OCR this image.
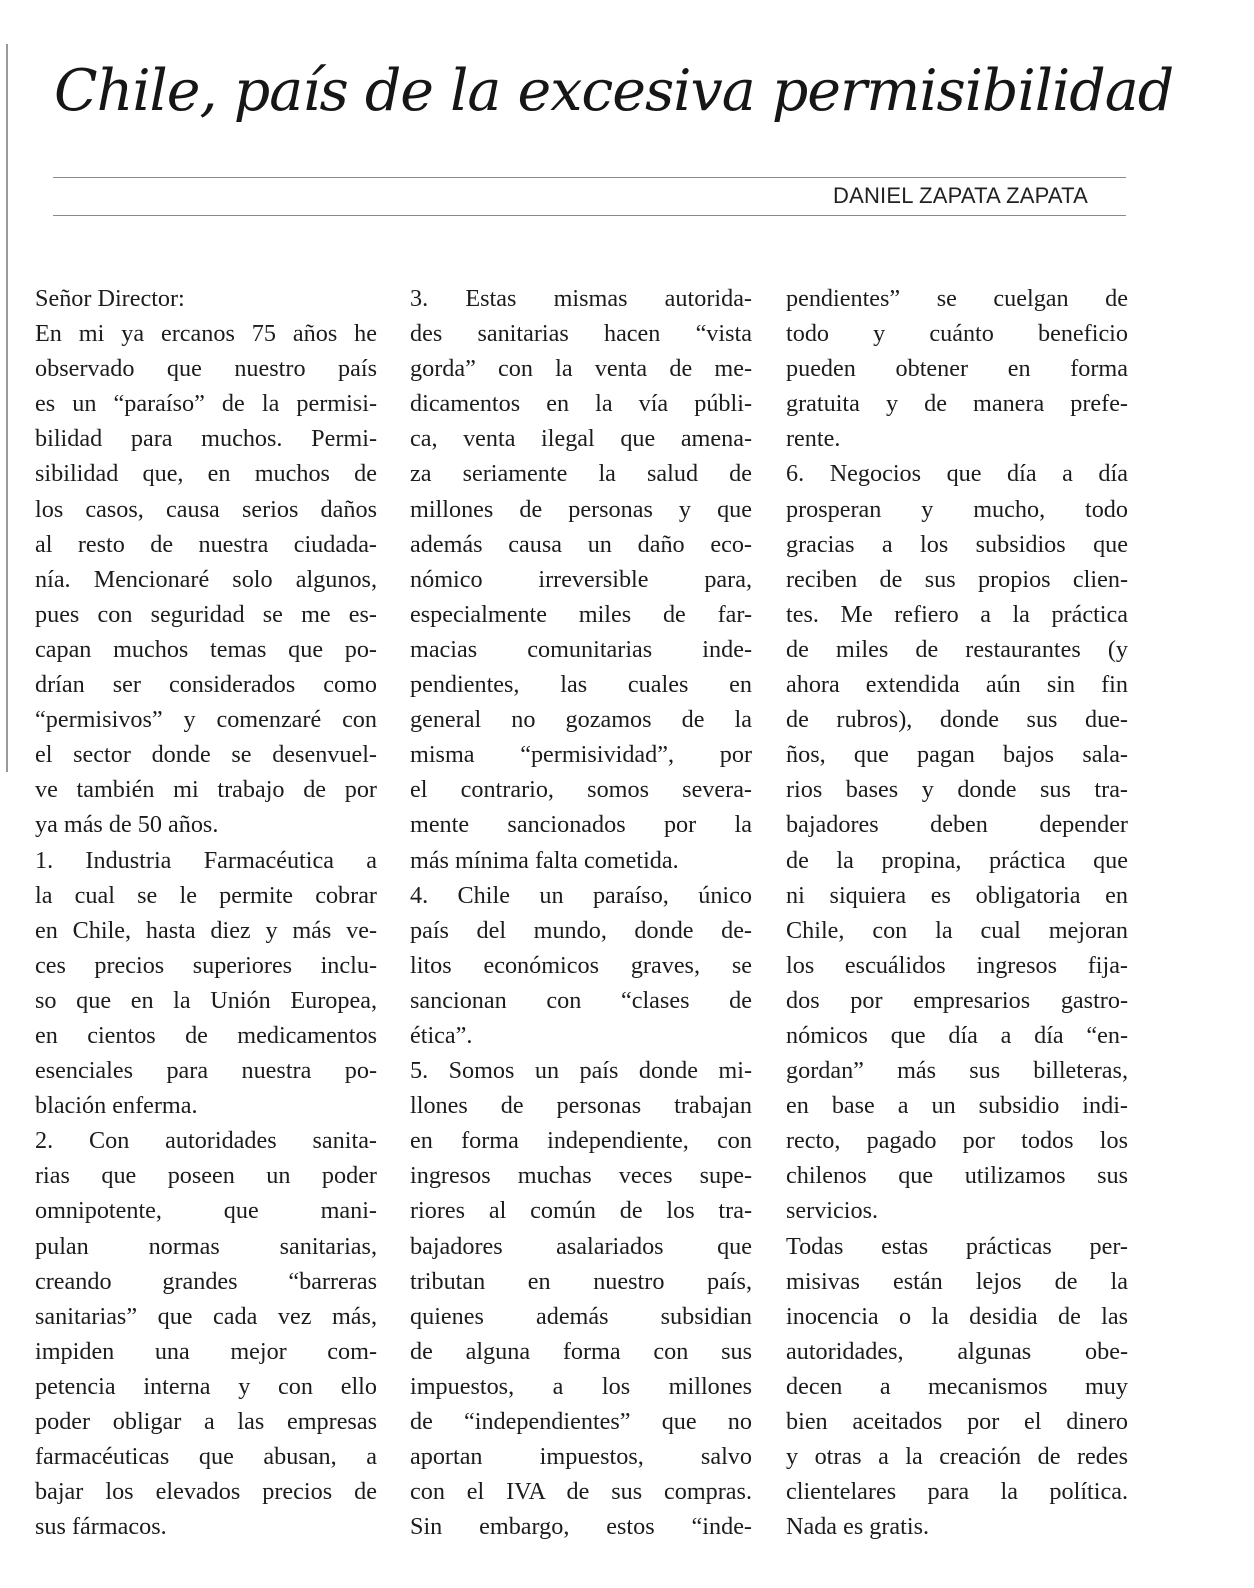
Chile, país de la excesiva permisibilidad
DANIEL ZAPATA ZAPATA
Señor Director:
En mi ya ercanos 75 años he
observado que nuestro país
es un “paraíso” de la permisi-
bilidad para muchos. Permi-
sibilidad que, en muchos de
los casos, causa serios daños
al resto de nuestra ciudada-
nía. Mencionaré solo algunos,
pues con seguridad se me es-
capan muchos temas que po-
drían ser considerados como
“permisivos” y comenzaré con
el sector donde se desenvuel-
ve también mi trabajo de por
ya más de 50 años.
1. Industria Farmacéutica a
la cual se le permite cobrar
en Chile, hasta diez y más ve-
ces precios superiores inclu-
so que en la Unión Europea,
en cientos de medicamentos
esenciales para nuestra po-
blación enferma.
2. Con autoridades sanita-
rias que poseen un poder
omnipotente, que mani-
pulan normas sanitarias,
creando grandes “barreras
sanitarias” que cada vez más,
impiden una mejor com-
petencia interna y con ello
poder obligar a las empresas
farmacéuticas que abusan, a
bajar los elevados precios de
sus fármacos.
3. Estas mismas autorida-
des sanitarias hacen “vista
gorda” con la venta de me-
dicamentos en la vía públi-
ca, venta ilegal que amena-
za seriamente la salud de
millones de personas y que
además causa un daño eco-
nómico irreversible para,
especialmente miles de far-
macias comunitarias inde-
pendientes, las cuales en
general no gozamos de la
misma “permisividad”, por
el contrario, somos severa-
mente sancionados por la
más mínima falta cometida.
4. Chile un paraíso, único
país del mundo, donde de-
litos económicos graves, se
sancionan con “clases de
ética”.
5. Somos un país donde mi-
llones de personas trabajan
en forma independiente, con
ingresos muchas veces supe-
riores al común de los tra-
bajadores asalariados que
tributan en nuestro país,
quienes además subsidian
de alguna forma con sus
impuestos, a los millones
de “independientes” que no
aportan impuestos, salvo
con el IVA de sus compras.
Sin embargo, estos “inde-
pendientes” se cuelgan de
todo y cuánto beneficio
pueden obtener en forma
gratuita y de manera prefe-
rente.
6. Negocios que día a día
prosperan y mucho, todo
gracias a los subsidios que
reciben de sus propios clien-
tes. Me refiero a la práctica
de miles de restaurantes (y
ahora extendida aún sin fin
de rubros), donde sus due-
ños, que pagan bajos sala-
rios bases y donde sus tra-
bajadores deben depender
de la propina, práctica que
ni siquiera es obligatoria en
Chile, con la cual mejoran
los escuálidos ingresos fija-
dos por empresarios gastro-
nómicos que día a día “en-
gordan” más sus billeteras,
en base a un subsidio indi-
recto, pagado por todos los
chilenos que utilizamos sus
servicios.
Todas estas prácticas per-
misivas están lejos de la
inocencia o la desidia de las
autoridades, algunas obe-
decen a mecanismos muy
bien aceitados por el dinero
y otras a la creación de redes
clientelares para la política.
Nada es gratis.
